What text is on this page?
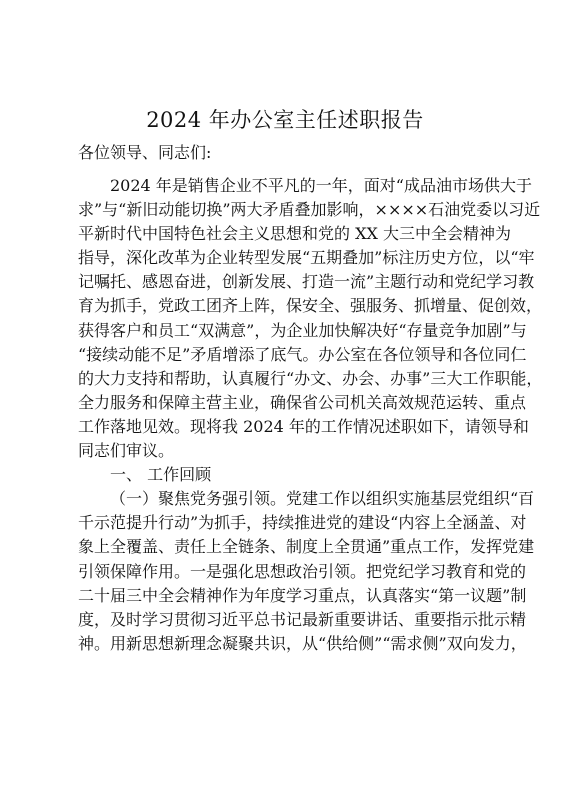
2024 年办公室主任述职报告
各位领导、同志们:
2024 年是销售企业不平凡的一年，面对“成品油市场供大于
求”与“新旧动能切换”两大矛盾叠加影响，××××石油党委以习近
平新时代中国特色社会主义思想和党的 XX 大三中全会精神为
指导，深化改革为企业转型发展“五期叠加”标注历史方位，以“牢
记嘱托、感恩奋进，创新发展、打造一流”主题行动和党纪学习教
育为抓手，党政工团齐上阵，保安全、强服务、抓增量、促创效，
获得客户和员工“双满意”，为企业加快解决好“存量竞争加剧”与
“接续动能不足”矛盾增添了底气。办公室在各位领导和各位同仁
的大力支持和帮助，认真履行“办文、办会、办事”三大工作职能，
全力服务和保障主营主业，确保省公司机关高效规范运转、重点
工作落地见效。现将我 2024 年的工作情况述职如下，请领导和
同志们审议。
一、 工作回顾
（一）聚焦党务强引领。党建工作以组织实施基层党组织“百
千示范提升行动”为抓手，持续推进党的建设“内容上全涵盖、对
象上全覆盖、责任上全链条、制度上全贯通”重点工作，发挥党建
引领保障作用。一是强化思想政治引领。把党纪学习教育和党的
二十届三中全会精神作为年度学习重点，认真落实“第一议题”制
度，及时学习贯彻习近平总书记最新重要讲话、重要指示批示精
神。用新思想新理念凝聚共识，从“供给侧”“需求侧”双向发力，
